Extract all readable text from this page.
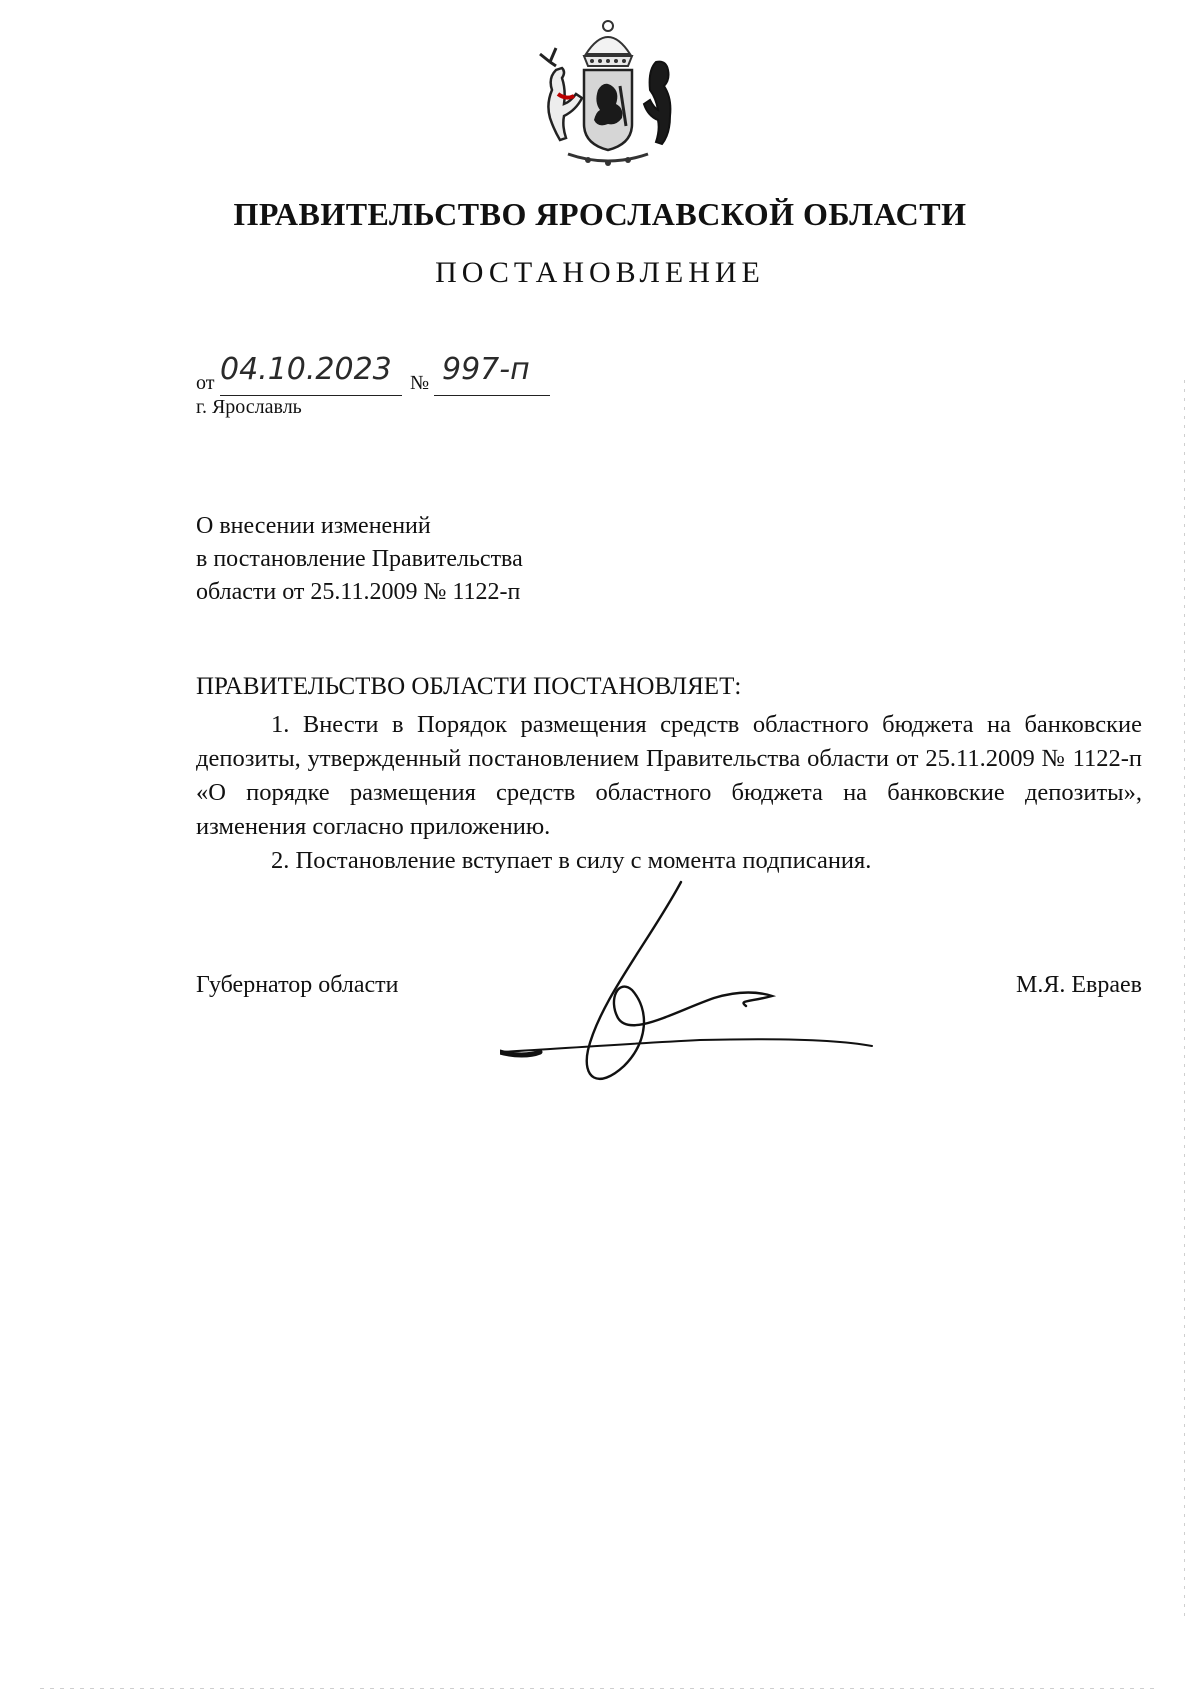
ПРАВИТЕЛЬСТВО ЯРОСЛАВСКОЙ ОБЛАСТИ
ПОСТАНОВЛЕНИЕ
от 04.10.2023 № 997-п
г. Ярославль
О внесении изменений
в постановление Правительства
области от 25.11.2009 № 1122-п
ПРАВИТЕЛЬСТВО ОБЛАСТИ ПОСТАНОВЛЯЕТ:

1. Внести в Порядок размещения средств областного бюджета на банковские депозиты, утвержденный постановлением Правительства области от 25.11.2009 № 1122-п «О порядке размещения средств областного бюджета на банковские депозиты», изменения согласно приложению.

2. Постановление вступает в силу с момента подписания.

Губернатор области	М.Я. Евраев
